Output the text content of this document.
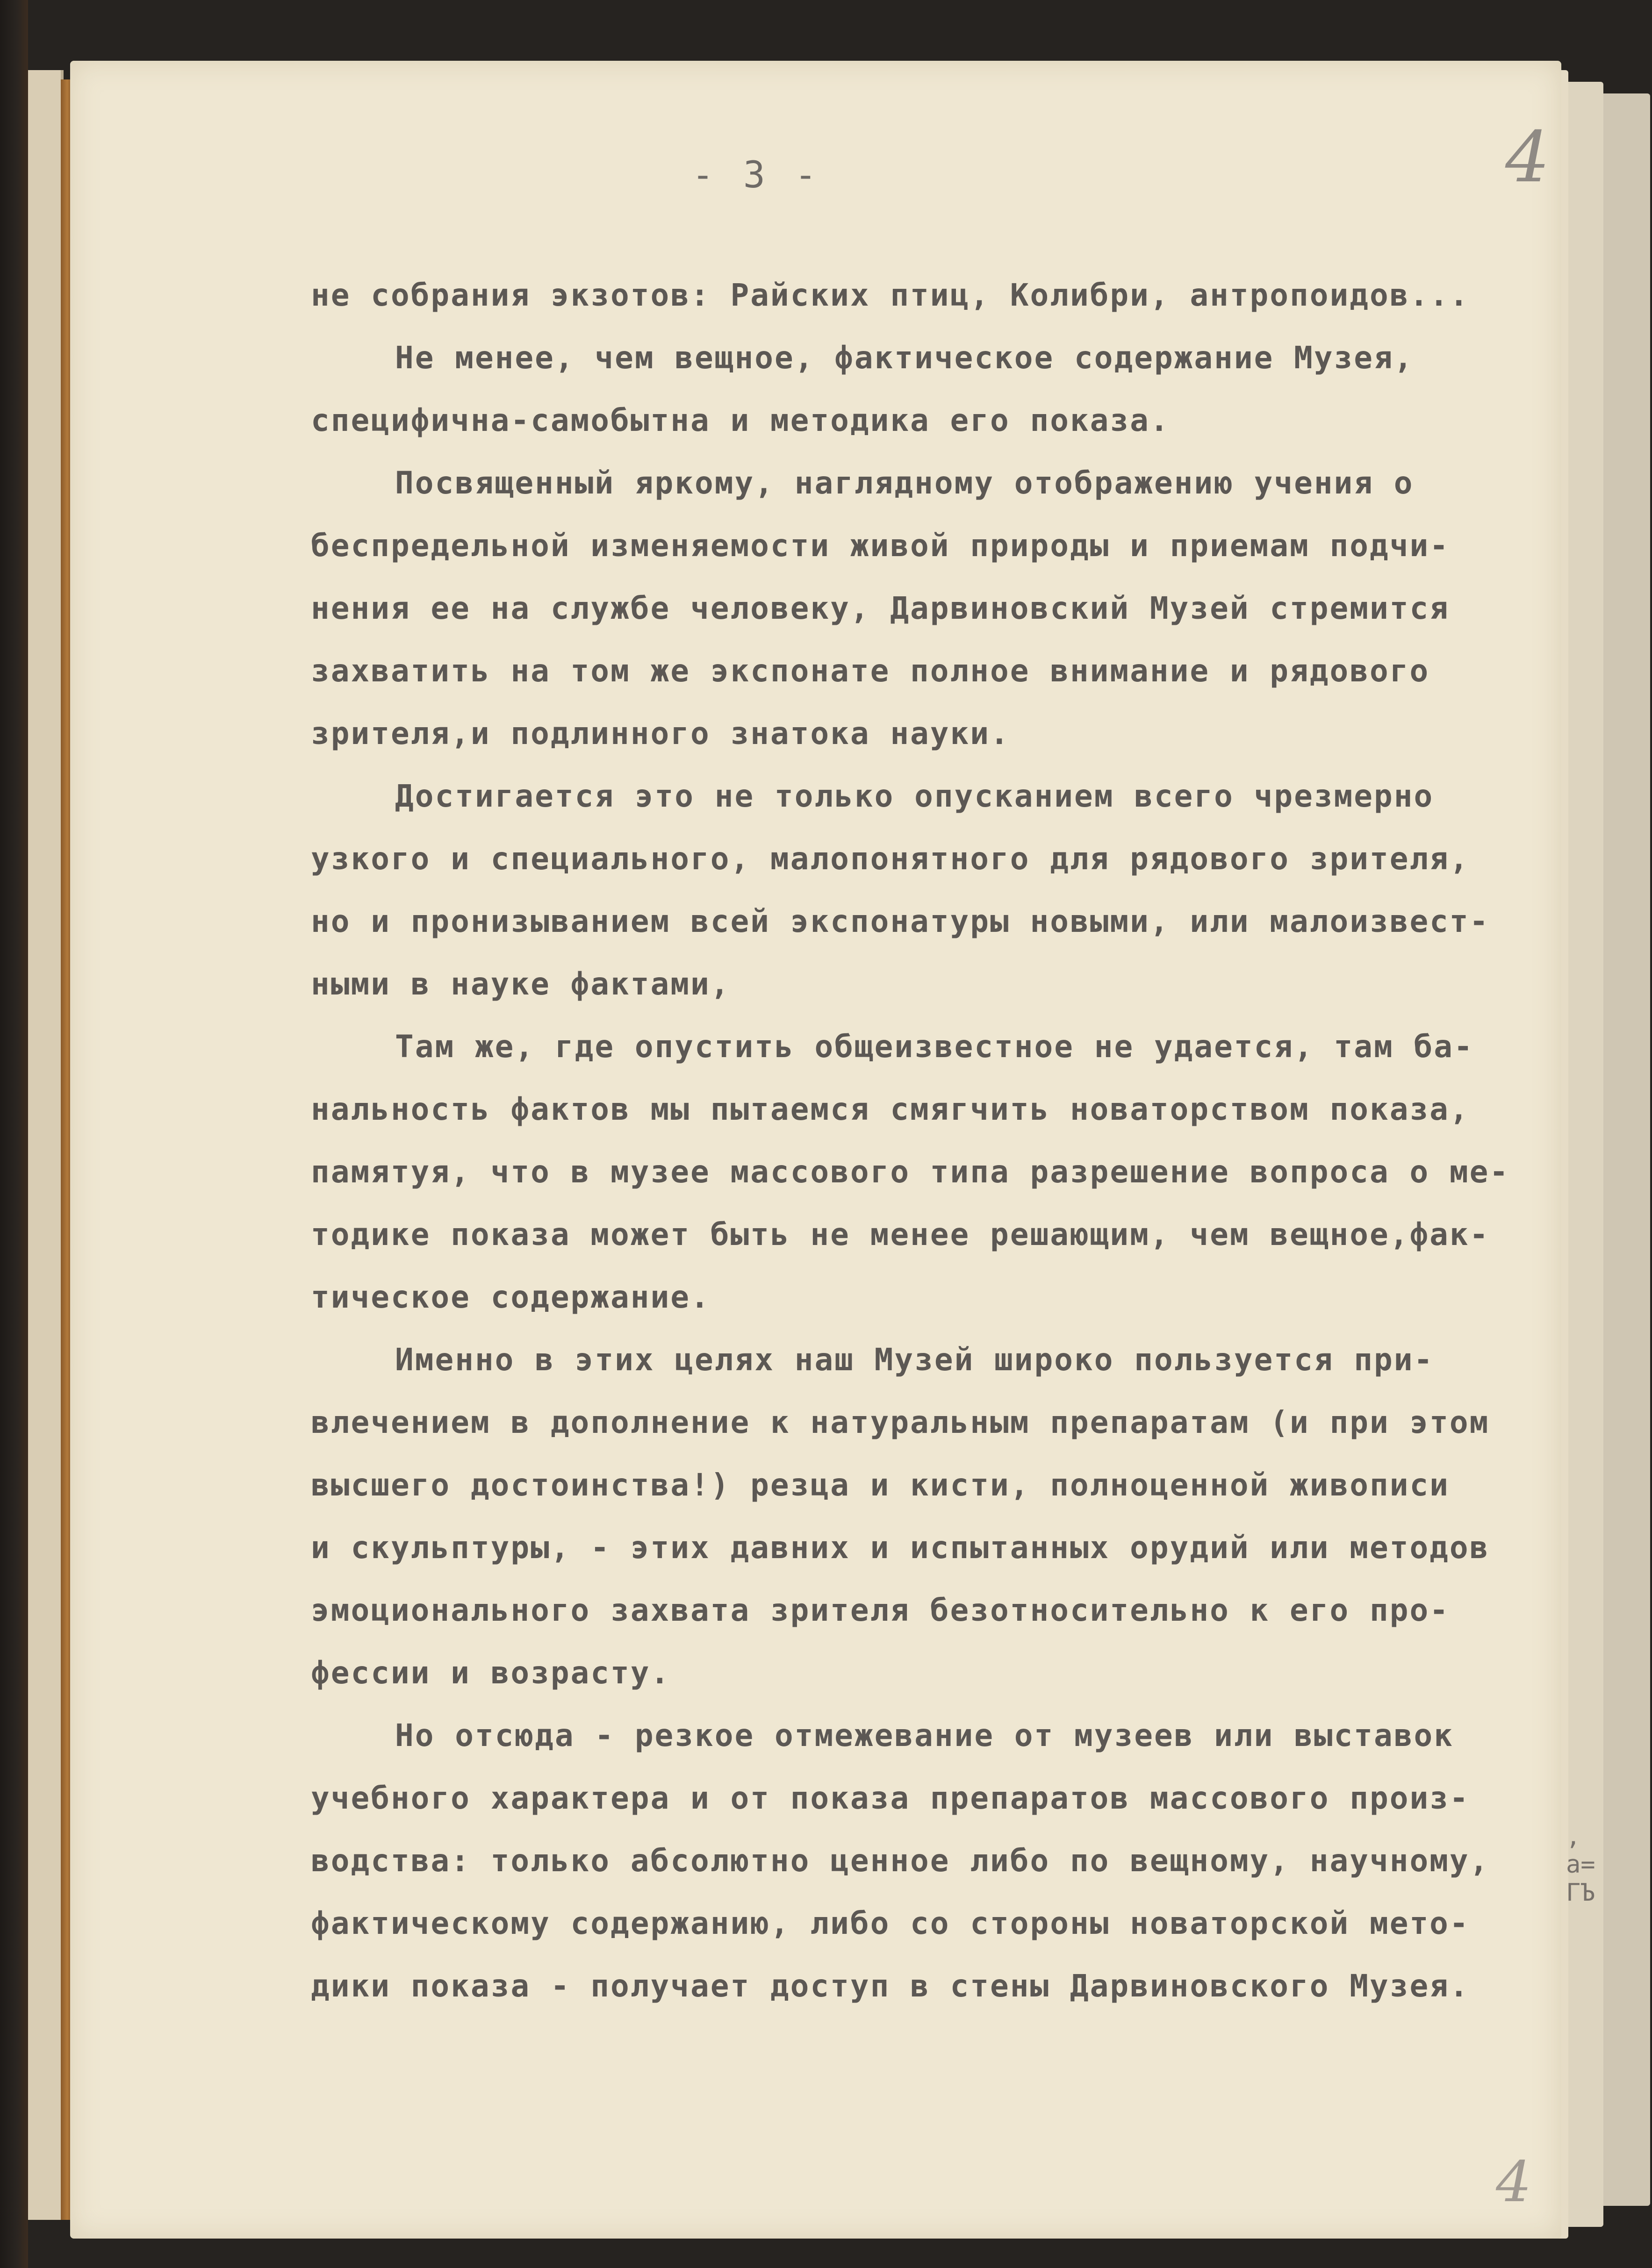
- 3 -	4
,
a=
ГЪ
4
не собрания экзотов: Райских птиц, Колибри, антропоидов...
Не менее, чем вещное, фактическое содержание Музея,
специфична-самобытна и методика его показа.
Посвященный яркому, наглядному отображению учения о
беспредельной изменяемости живой природы и приемам подчи-
нения ее на службе человеку, Дарвиновский Музей стремится
захватить на том же экспонате полное внимание и рядового
зрителя,и подлинного знатока науки.
Достигается это не только опусканием всего чрезмерно
узкого и специального, малопонятного для рядового зрителя,
но и пронизыванием всей экспонатуры новыми, или малоизвест-
ными в науке фактами,
Там же, где опустить общеизвестное не удается, там ба-
нальность фактов мы пытаемся смягчить новаторством показа,
памятуя, что в музее массового типа разрешение вопроса о ме-
тодике показа может быть не менее решающим, чем вещное,фак-
тическое содержание.
Именно в этих целях наш Музей широко пользуется при-
влечением в дополнение к натуральным препаратам (и при этом
высшего достоинства!) резца и кисти, полноценной живописи
и скульптуры, - этих давних и испытанных орудий или методов
эмоционального захвата зрителя безотносительно к его про-
фессии и возрасту.
Но отсюда - резкое отмежевание от музеев или выставок
учебного характера и от показа препаратов массового произ-
водства: только абсолютно ценное либо по вещному, научному,
фактическому содержанию, либо со стороны новаторской мето-
дики показа - получает доступ в стены Дарвиновского Музея.
